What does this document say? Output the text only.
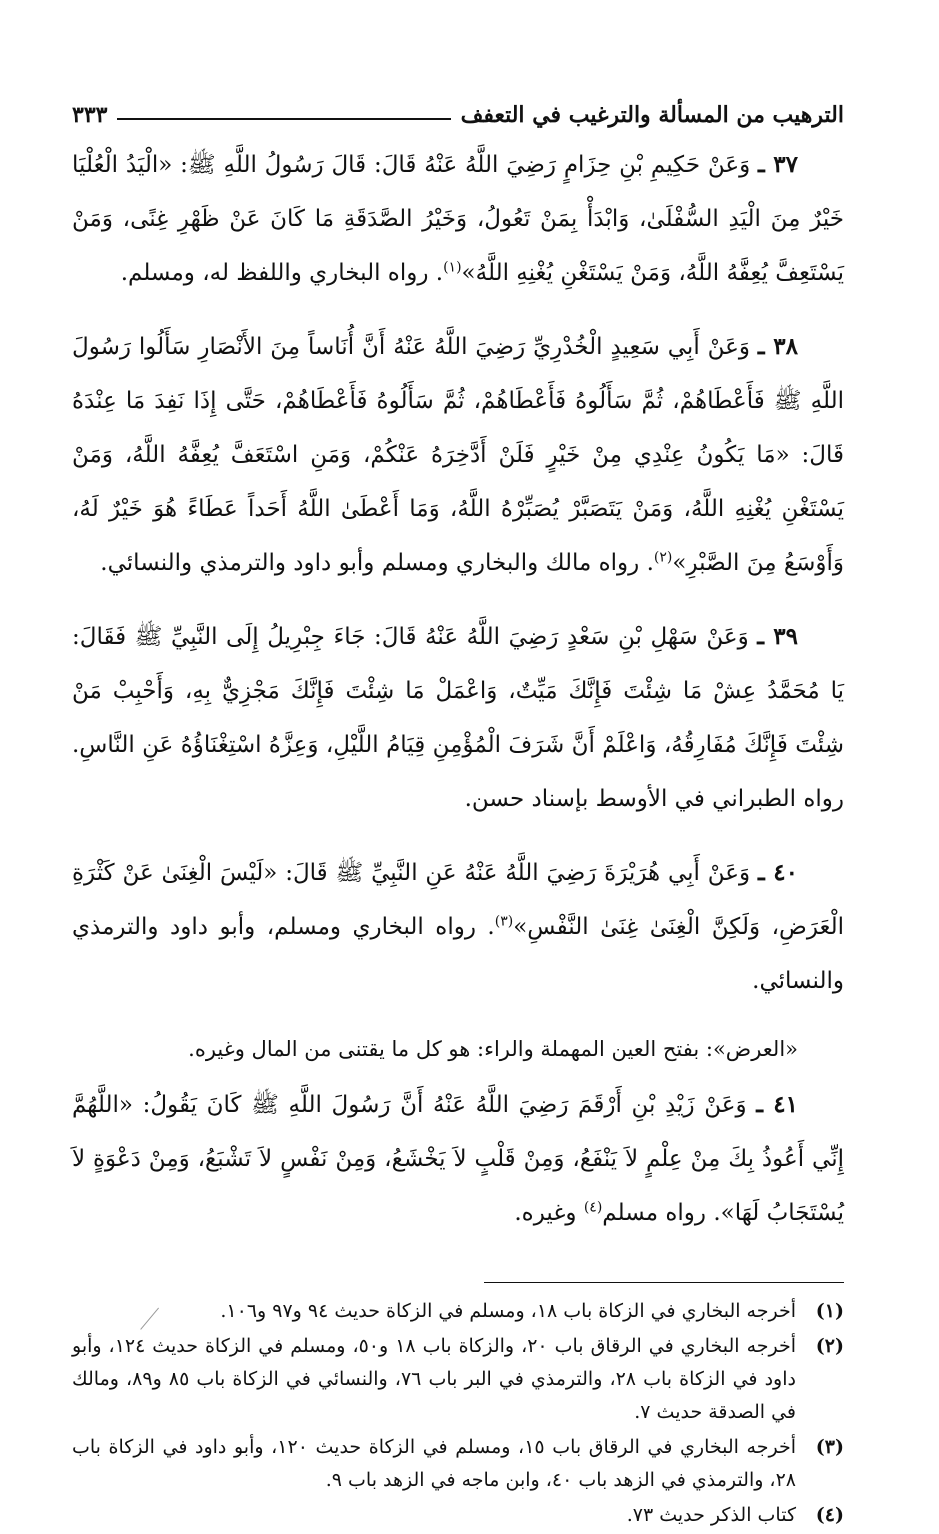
الترهيب من المسألة والترغيب في التعفف
٣٣٣

٣٧ ـ وَعَنْ حَكِيمِ بْنِ حِزَامٍ رَضِيَ اللَّهُ عَنْهُ قَالَ: قَالَ رَسُولُ اللَّهِ ﷺ: «الْيَدُ الْعُلْيَا خَيْرٌ مِنَ الْيَدِ السُّفْلَىٰ، وَابْدَأْ بِمَنْ تَعُولُ، وَخَيْرُ الصَّدَقَةِ مَا كَانَ عَنْ ظَهْرِ غِنًى، وَمَنْ يَسْتَعِفَّ يُعِفَّهُ اللَّهُ، وَمَنْ يَسْتَغْنِ يُغْنِهِ اللَّهُ»$^{(١)}$. رواه البخاري واللفظ له، ومسلم.

٣٨ ـ وَعَنْ أَبِي سَعِيدٍ الْخُدْرِيِّ رَضِيَ اللَّهُ عَنْهُ أَنَّ أُنَاساً مِنَ الأَنْصَارِ سَأَلُوا رَسُولَ اللَّهِ ﷺ فَأَعْطَاهُمْ، ثُمَّ سَأَلُوهُ فَأَعْطَاهُمْ، ثُمَّ سَأَلُوهُ فَأَعْطَاهُمْ، حَتَّى إِذَا نَفِدَ مَا عِنْدَهُ قَالَ: «مَا يَكُونُ عِنْدِي مِنْ خَيْرٍ فَلَنْ أَدَّخِرَهُ عَنْكُمْ، وَمَنِ اسْتَعَفَّ يُعِفَّهُ اللَّهُ، وَمَنْ يَسْتَغْنِ يُغْنِهِ اللَّهُ، وَمَنْ يَتَصَبَّرْ يُصَبِّرْهُ اللَّهُ، وَمَا أَعْطَىٰ اللَّهُ أَحَداً عَطَاءً هُوَ خَيْرٌ لَهُ، وَأَوْسَعُ مِنَ الصَّبْرِ»$^{(٢)}$. رواه مالك والبخاري ومسلم وأبو داود والترمذي والنسائي.

٣٩ ـ وَعَنْ سَهْلِ بْنِ سَعْدٍ رَضِيَ اللَّهُ عَنْهُ قَالَ: جَاءَ جِبْرِيلُ إِلَى النَّبِيِّ ﷺ فَقَالَ: يَا مُحَمَّدُ عِشْ مَا شِئْتَ فَإِنَّكَ مَيِّتٌ، وَاعْمَلْ مَا شِئْتَ فَإِنَّكَ مَجْزِيٌّ بِهِ، وَأَحْبِبْ مَنْ شِئْتَ فَإِنَّكَ مُفَارِقُهُ، وَاعْلَمْ أَنَّ شَرَفَ الْمُؤْمِنِ قِيَامُ اللَّيْلِ، وَعِزَّهُ اسْتِغْنَاؤُهُ عَنِ النَّاسِ. رواه الطبراني في الأوسط بإسناد حسن.

٤٠ ـ وَعَنْ أَبِي هُرَيْرَةَ رَضِيَ اللَّهُ عَنْهُ عَنِ النَّبِيِّ ﷺ قَالَ: «لَيْسَ الْغِنَىٰ عَنْ كَثْرَةِ الْعَرَضِ، وَلَكِنَّ الْغِنَىٰ غِنَىٰ النَّفْسِ»$^{(٣)}$. رواه البخاري ومسلم، وأبو داود والترمذي والنسائي.

«العرض»: بفتح العين المهملة والراء: هو كل ما يقتنى من المال وغيره.

٤١ ـ وَعَنْ زَيْدِ بْنِ أَرْقَمَ رَضِيَ اللَّهُ عَنْهُ أَنَّ رَسُولَ اللَّهِ ﷺ كَانَ يَقُولُ: «اللَّهُمَّ إِنِّي أَعُوذُ بِكَ مِنْ عِلْمٍ لاَ يَنْفَعُ، وَمِنْ قَلْبٍ لاَ يَخْشَعُ، وَمِنْ نَفْسٍ لاَ تَشْبَعُ، وَمِنْ دَعْوَةٍ لاَ يُسْتَجَابُ لَهَا». رواه مسلم$^{(٤)}$ وغيره.

(١)
أخرجه البخاري في الزكاة باب ١٨، ومسلم في الزكاة حديث ٩٤ و٩٧ و١٠٦.
(٢)
أخرجه البخاري في الرقاق باب ٢٠، والزكاة باب ١٨ و٥٠، ومسلم في الزكاة حديث ١٢٤، وأبو داود في الزكاة باب ٢٨، والترمذي في البر باب ٧٦، والنسائي في الزكاة باب ٨٥ و٨٩، ومالك في الصدقة حديث ٧.
(٣)
أخرجه البخاري في الرقاق باب ١٥، ومسلم في الزكاة حديث ١٢٠، وأبو داود في الزكاة باب ٢٨، والترمذي في الزهد باب ٤٠، وابن ماجه في الزهد باب ٩.
(٤)
كتاب الذكر حديث ٧٣.
